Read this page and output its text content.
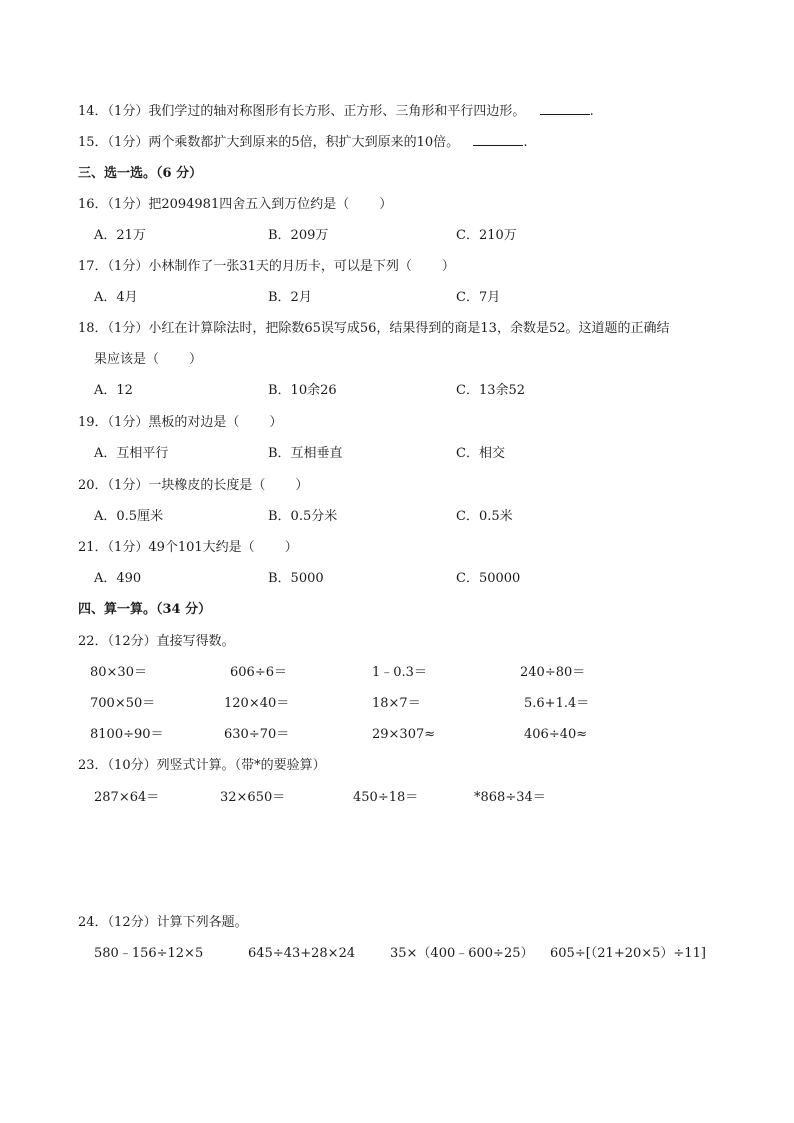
14．（1分）我们学过的轴对称图形有长方形、正方形、三角形和平行四边形。	.
15．（1分）两个乘数都扩大到原来的5倍，积扩大到原来的10倍。	.
三、选一选。（6 分）
16．（1分）把2094981四舍五入到万位约是（ ）
A．21万	B．209万	C．210万
17．（1分）小林制作了一张31天的月历卡，可以是下列（ ）
A．4月	B．2月	C．7月
18．（1分）小红在计算除法时，把除数65误写成56，结果得到的商是13，余数是52。这道题的正确结
果应该是（ ）
A．12	B．10余26	C．13余52
19．（1分）黑板的对边是（ ）
A．互相平行	B．互相垂直	C．相交
20．（1分）一块橡皮的长度是（ ）
A．0.5厘米	B．0.5分米	C．0.5米
21．（1分）49个101大约是（ ）
A．490	B．5000	C．50000
四、算一算。（34 分）
22．（12分）直接写得数。
80×30＝	606÷6＝	1﹣0.3＝	240÷80＝
700×50＝	120×40＝	18×7＝	5.6+1.4＝
8100÷90＝	630÷70＝	29×307≈	406÷40≈
23．（10分）列竖式计算。（带*的要验算）
287×64＝	32×650＝	450÷18＝	*868÷34＝
24．（12分）计算下列各题。
580﹣156÷12×5	645÷43+28×24	35×（400﹣600÷25） 605÷[（21+20×5）÷11]
